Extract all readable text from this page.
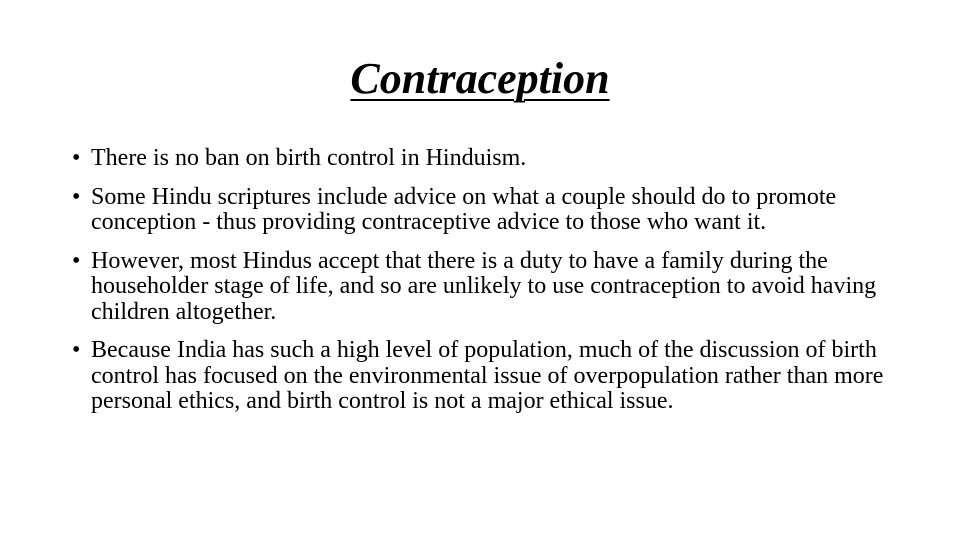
Contraception
• There is no ban on birth control in Hinduism.
• Some Hindu scriptures include advice on what a couple should do to promote conception - thus providing contraceptive advice to those who want it.
• However, most Hindus accept that there is a duty to have a family during the householder stage of life, and so are unlikely to use contraception to avoid having children altogether.
• Because India has such a high level of population, much of the discussion of birth control has focused on the environmental issue of overpopulation rather than more personal ethics, and birth control is not a major ethical issue.
